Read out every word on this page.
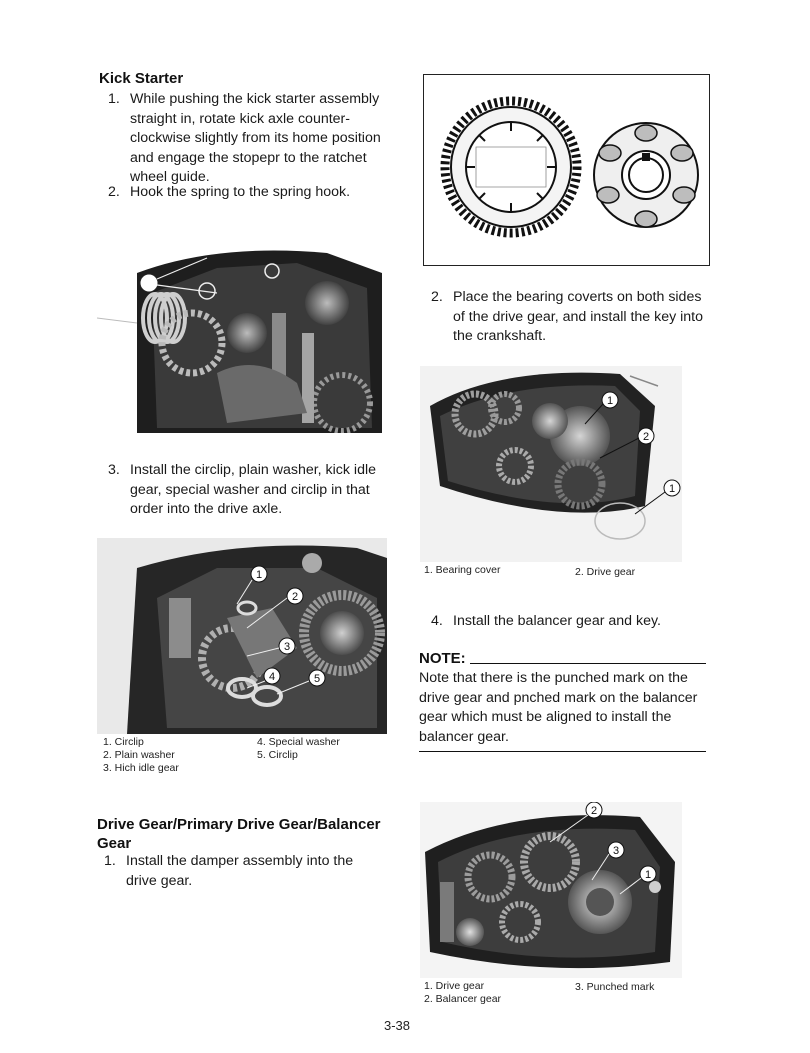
Kick Starter
1. While pushing the kick starter assembly
straight in, rotate kick axle counter-
clockwise slightly from its home position
and engage the stopepr to the ratchet
wheel guide.
2. Hook the spring to the spring hook.
3. Install the circlip, plain washer, kick idle
gear, special washer and circlip in that
order into the drive axle.
1
2
3
4	5
1. Circlip
2. Plain washer
3. Hich idle gear
4. Special washer
5. Circlip
Drive Gear/Primary Drive Gear/Balancer
Gear
1. Install the damper assembly into the
drive gear.
2. Place the bearing coverts on both sides
of the drive gear, and install the key into
the crankshaft.
1
2
1
1. Bearing cover	2. Drive gear
4. Install the balancer gear and key.
NOTE:
Note that there is the punched mark on the
drive gear and pnched mark on the balancer
gear which must be aligned to install the
balancer gear.
2
3
1
1. Drive gear
2. Balancer gear
3. Punched mark
3-38
